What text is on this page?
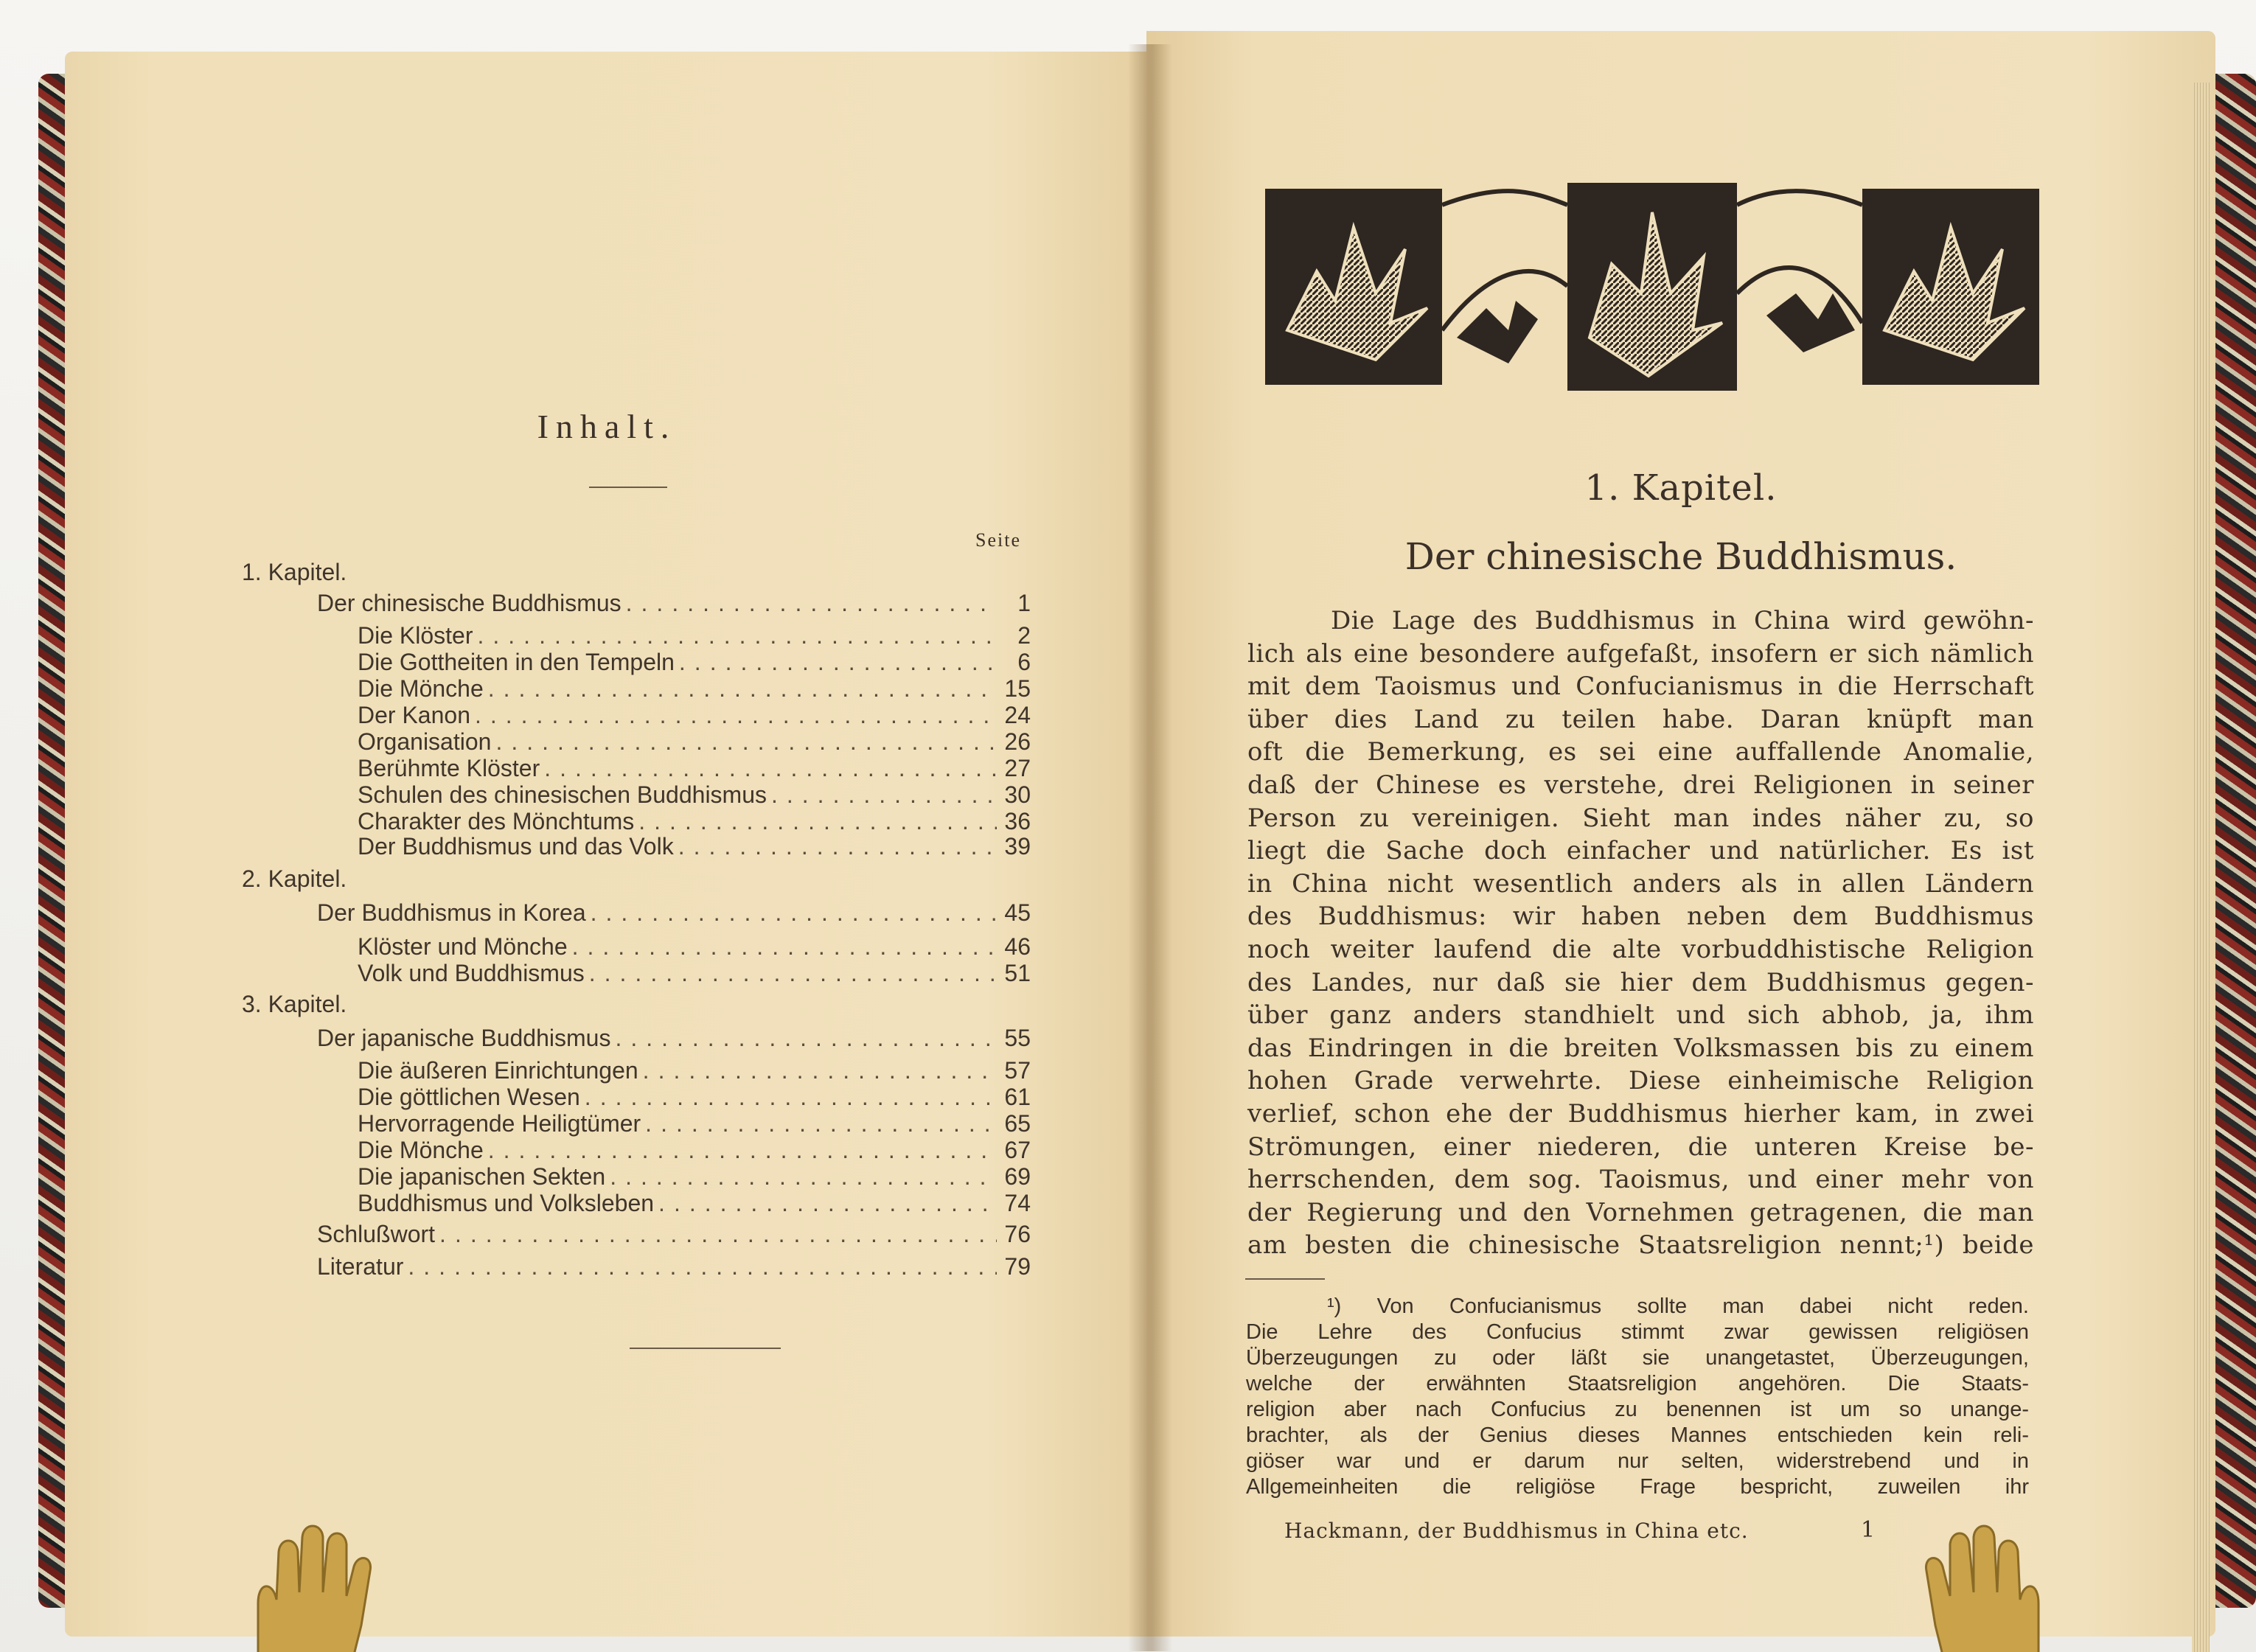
Inhalt.
Seite
1. Kapitel.
Der chinesische Buddhismus .....	1
Die Klöster .....	2
Die Gottheiten in den Tempeln .....	6
Die Mönche .....	15
Der Kanon .....	24
Organisation .....	26
Berühmte Klöster .....	27
Schulen des chinesischen Buddhismus .....	30
Charakter des Mönchtums .....	36
Der Buddhismus und das Volk .....	39
2. Kapitel.
Der Buddhismus in Korea .....	45
Klöster und Mönche .....	46
Volk und Buddhismus .....	51
3. Kapitel.
Der japanische Buddhismus .....	55
Die äußeren Einrichtungen .....	57
Die göttlichen Wesen .....	61
Hervorragende Heiligtümer .....	65
Die Mönche .....	67
Die japanischen Sekten .....	69
Buddhismus und Volksleben .....	74
Schlußwort .....	76
Literatur .....	79
1. Kapitel.
Der chinesische Buddhismus.
Die Lage des Buddhismus in China wird gewöhn-
lich als eine besondere aufgefaßt, insofern er sich nämlich
mit dem Taoismus und Confucianismus in die Herrschaft
über dies Land zu teilen habe. Daran knüpft man
oft die Bemerkung, es sei eine auffallende Anomalie,
daß der Chinese es verstehe, drei Religionen in seiner
Person zu vereinigen. Sieht man indes näher zu, so
liegt die Sache doch einfacher und natürlicher. Es ist
in China nicht wesentlich anders als in allen Ländern
des Buddhismus: wir haben neben dem Buddhismus
noch weiter laufend die alte vorbuddhistische Religion
des Landes, nur daß sie hier dem Buddhismus gegen-
über ganz anders standhielt und sich abhob, ja, ihm
das Eindringen in die breiten Volksmassen bis zu einem
hohen Grade verwehrte. Diese einheimische Religion
verlief, schon ehe der Buddhismus hierher kam, in zwei
Strömungen, einer niederen, die unteren Kreise be-
herrschenden, dem sog. Taoismus, und einer mehr von
der Regierung und den Vornehmen getragenen, die man
am besten die chinesische Staatsreligion nennt;¹) beide
¹) Von Confucianismus sollte man dabei nicht reden.
Die Lehre des Confucius stimmt zwar gewissen religiösen
Überzeugungen zu oder läßt sie unangetastet, Überzeugungen,
welche der erwähnten Staatsreligion angehören. Die Staats-
religion aber nach Confucius zu benennen ist um so unange-
brachter, als der Genius dieses Mannes entschieden kein reli-
giöser war und er darum nur selten, widerstrebend und in
Allgemeinheiten die religiöse Frage bespricht, zuweilen ihr
Hackmann, der Buddhismus in China etc.	1
